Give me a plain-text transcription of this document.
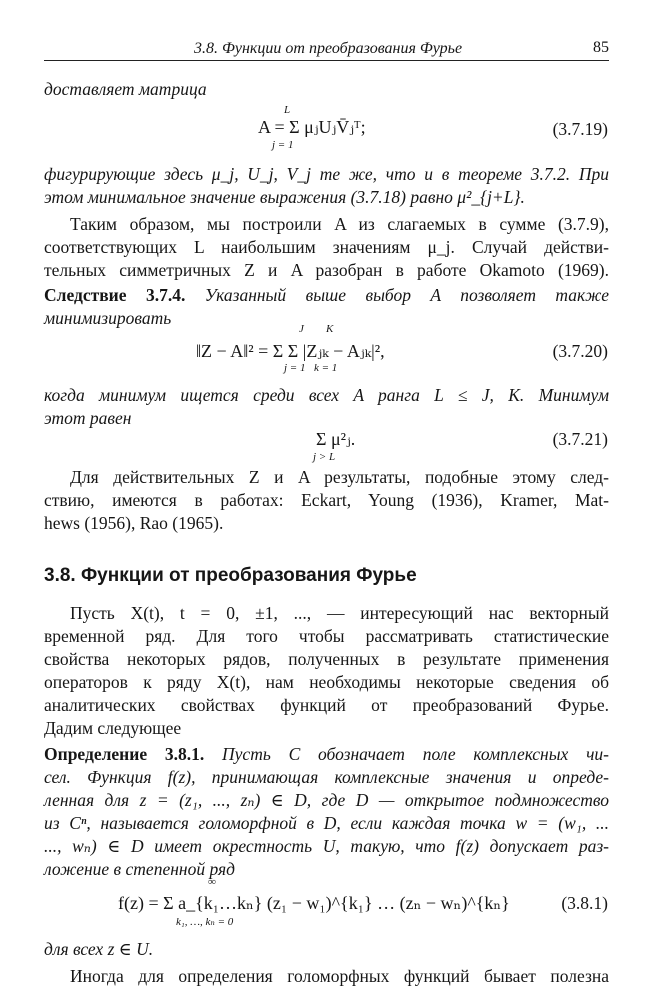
3.8. Функции от преобразования Фурье	85

доставляет матрица

A = Σ μⱼUⱼV̄ⱼᵀ;
L
j = 1
(3.7.19)

фигурирующие здесь μ_j, U_j, V_j те же, что и в теореме 3.7.2. При

этом минимальное значение выражения (3.7.18) равно μ²_{j+L}.

Таким образом, мы построили A из слагаемых в сумме (3.7.9),

соответствующих L наибольшим значениям μ_j. Случай действи-

тельных симметричных Z и A разобран в работе Okamoto (1969).

Следствие 3.7.4. Указанный выше выбор A позволяет также

минимизировать

‖Z − A‖² = Σ Σ |Zⱼₖ − Aⱼₖ|²,
J K
j = 1 k = 1
(3.7.20)

когда минимум ищется среди всех A ранга L ≤ J, K. Минимум

этот равен

Σ μ²ⱼ.
j > L
(3.7.21)

Для действительных Z и A результаты, подобные этому след-

ствию, имеются в работах: Eckart, Young (1936), Kramer, Mat-

hews (1956), Rao (1965).

3.8. Функции от преобразования Фурье

Пусть X(t), t = 0, ±1, ..., — интересующий нас векторный

временной ряд. Для того чтобы рассматривать статистические

свойства некоторых рядов, полученных в результате применения

операторов к ряду X(t), нам необходимы некоторые сведения об

аналитических свойствах функций от преобразований Фурье.

Дадим следующее

Определение 3.8.1. Пусть C обозначает поле комплексных чи-

сел. Функция f(z), принимающая комплексные значения и опреде-

ленная для z = (z₁, ..., zₙ) ∈ D, где D — открытое подмножество

из Cⁿ, называется голоморфной в D, если каждая точка w = (w₁, ...

..., wₙ) ∈ D имеет окрестность U, такую, что f(z) допускает раз-

ложение в степенной ряд

f(z) = Σ a_{k₁…kₙ} (z₁ − w₁)^{k₁} … (zₙ − wₙ)^{kₙ}
∞
k₁, …, kₙ = 0
(3.8.1)

для всех z ∈ U.

Иногда для определения голоморфных функций бывает полезна
